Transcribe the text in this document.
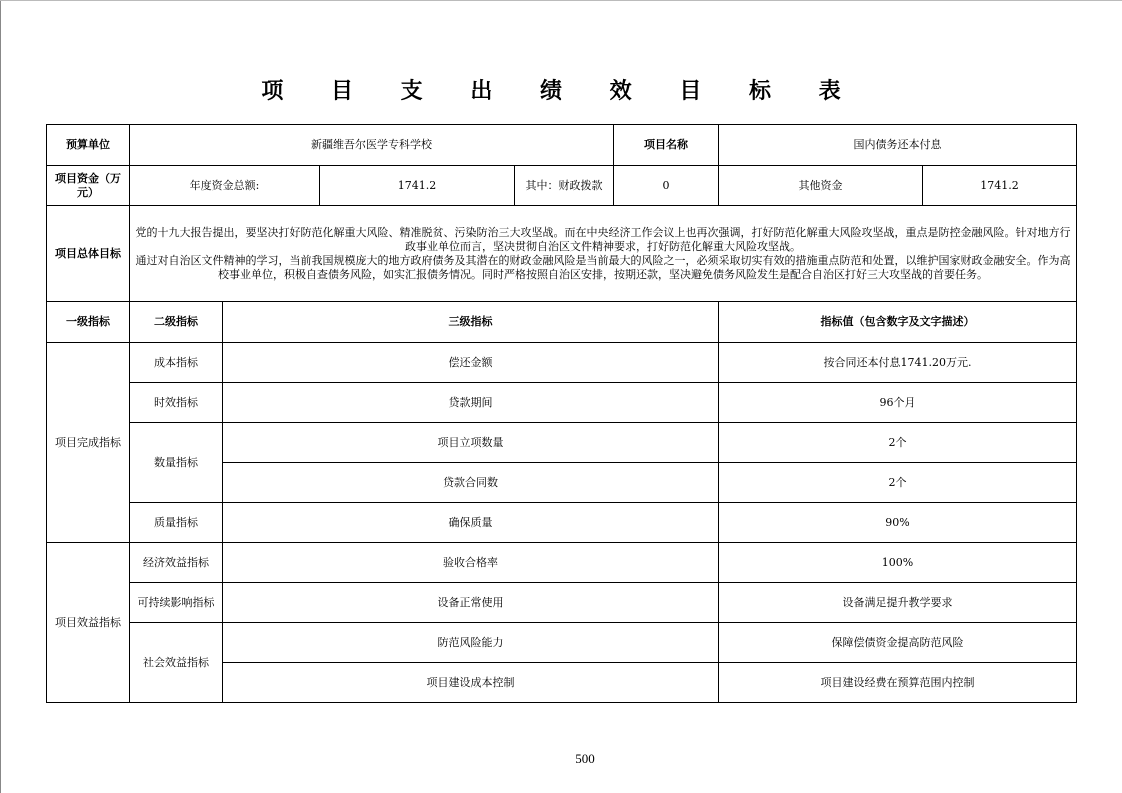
项 目 支 出 绩 效 目 标 表
预算单位	新疆维吾尔医学专科学校				项目名称	国内债务还本付息	
项目资金（万元）	年度资金总额:		1741.2	其中：财政拨款	0	其他资金	1741.2
项目总体目标	党的十九大报告提出，要坚决打好防范化解重大风险、精准脱贫、污染防治三大攻坚战。而在中央经济工作会议上也再次强调，打好防范化解重大风险攻坚战，重点是防控金融风险。针对地方行政事业单位而言，坚决贯彻自治区文件精神要求，打好防范化解重大风险攻坚战。

通过对自治区文件精神的学习，当前我国规模庞大的地方政府债务及其潜在的财政金融风险是当前最大的风险之一，必须采取切实有效的措施重点防范和处置，以维护国家财政金融安全。作为高校事业单位，积极自查债务风险，如实汇报债务情况。同时严格按照自治区安排，按期还款，坚决避免债务风险发生是配合自治区打好三大攻坚战的首要任务。						

一级指标	二级指标	三级指标				指标值（包含数字及文字描述）	
项目完成指标	成本指标	偿还金额				按合同还本付息1741.20万元.	
	时效指标	贷款期间				96个月	
	数量指标	项目立项数量				2个	
		贷款合同数				2个	
	质量指标	确保质量				90%	
项目效益指标	经济效益指标	验收合格率				100%	
	可持续影响指标	设备正常使用				设备满足提升教学要求	
	社会效益指标	防范风险能力				保障偿债资金提高防范风险	
		项目建设成本控制				项目建设经费在预算范围内控制	
500
